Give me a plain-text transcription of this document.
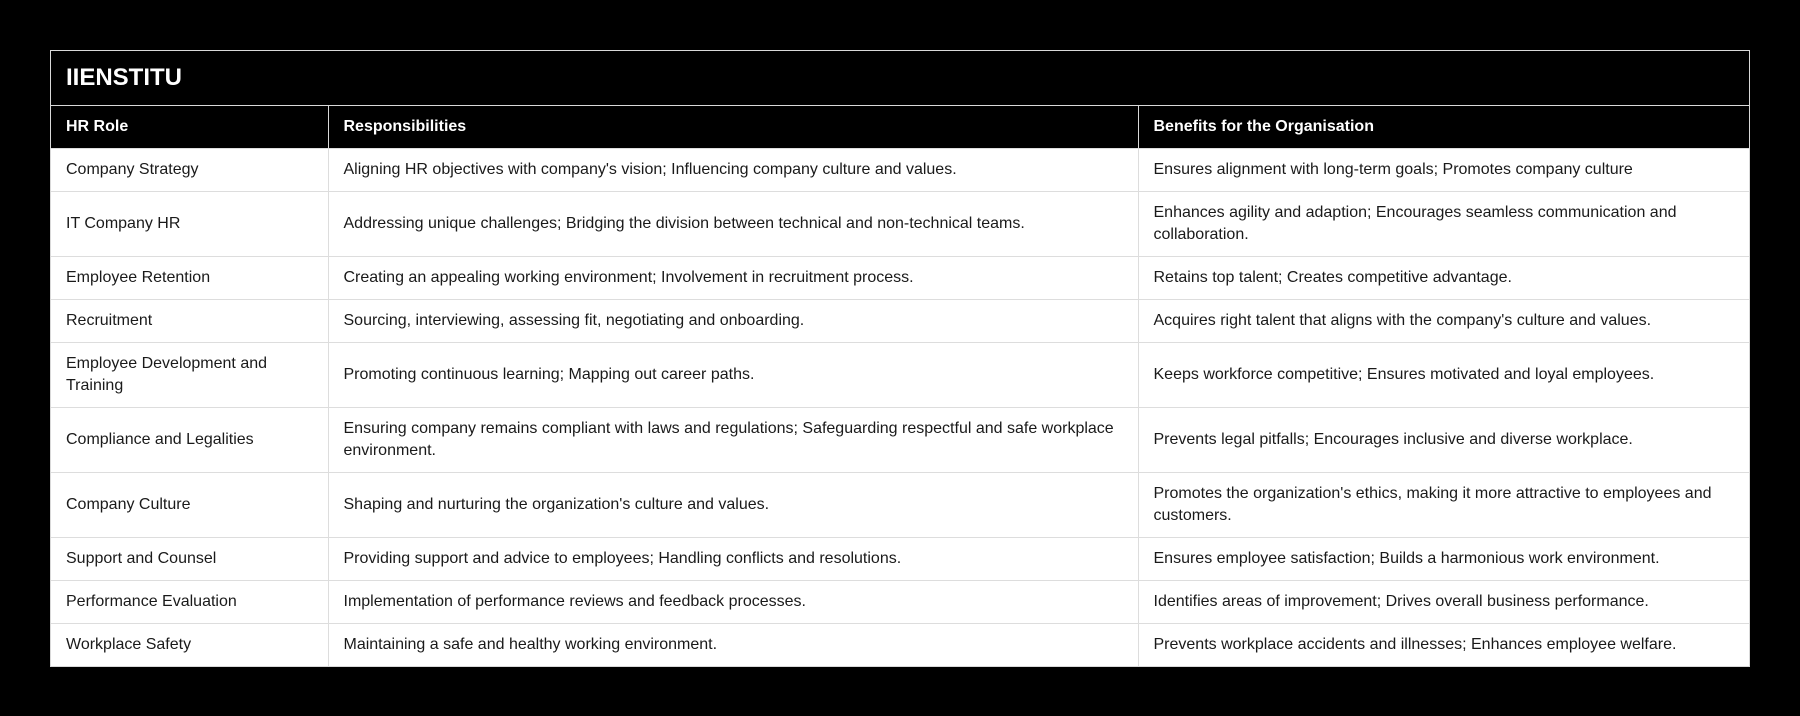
IIENSTITU
HR Role	Responsibilities	Benefits for the Organisation
Company Strategy	Aligning HR objectives with company's vision; Influencing company culture and values.	Ensures alignment with long-term goals; Promotes company culture
IT Company HR	Addressing unique challenges; Bridging the division between technical and non-technical teams.	Enhances agility and adaption; Encourages seamless communication and collaboration.
Employee Retention	Creating an appealing working environment; Involvement in recruitment process.	Retains top talent; Creates competitive advantage.
Recruitment	Sourcing, interviewing, assessing fit, negotiating and onboarding.	Acquires right talent that aligns with the company's culture and values.
Employee Development and Training	Promoting continuous learning; Mapping out career paths.	Keeps workforce competitive; Ensures motivated and loyal employees.
Compliance and Legalities	Ensuring company remains compliant with laws and regulations; Safeguarding respectful and safe workplace environment.	Prevents legal pitfalls; Encourages inclusive and diverse workplace.
Company Culture	Shaping and nurturing the organization's culture and values.	Promotes the organization's ethics, making it more attractive to employees and customers.
Support and Counsel	Providing support and advice to employees; Handling conflicts and resolutions.	Ensures employee satisfaction; Builds a harmonious work environment.
Performance Evaluation	Implementation of performance reviews and feedback processes.	Identifies areas of improvement; Drives overall business performance.
Workplace Safety	Maintaining a safe and healthy working environment.	Prevents workplace accidents and illnesses; Enhances employee welfare.
